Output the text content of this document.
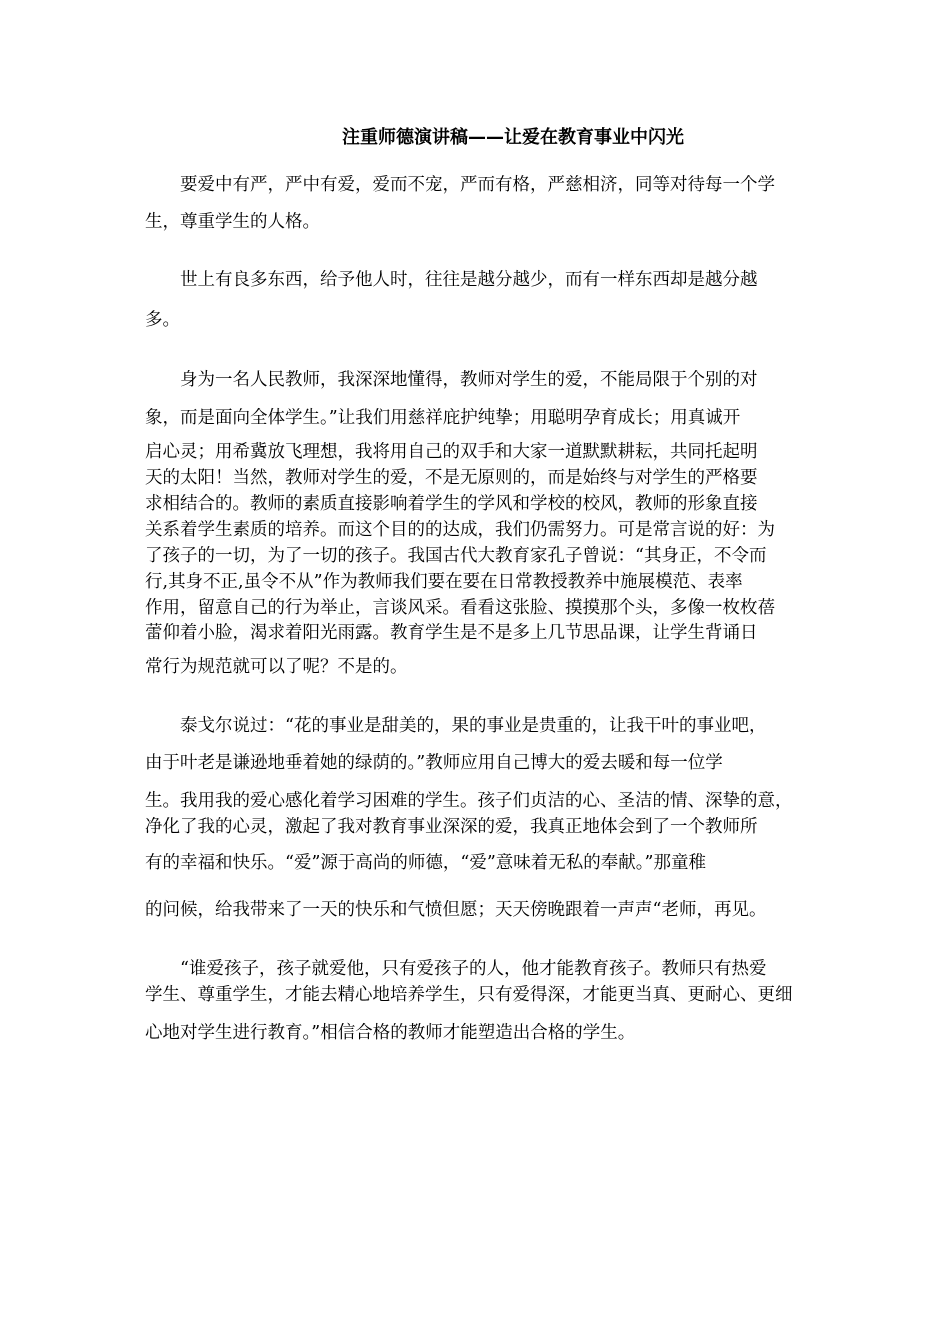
注重师德演讲稿——让爱在教育事业中闪光

　　要爱中有严，严中有爱，爱而不宠，严而有格，严慈相济，同等对待每一个学

生，尊重学生的人格。

　　世上有良多东西，给予他人时，往往是越分越少，而有一样东西却是越分越

多。

　　身为一名人民教师，我深深地懂得，教师对学生的爱，不能局限于个别的对

象，而是面向全体学生。”让我们用慈祥庇护纯挚；用聪明孕育成长；用真诚开

启心灵；用希冀放飞理想，我将用自己的双手和大家一道默默耕耘，共同托起明

天的太阳！当然，教师对学生的爱，不是无原则的，而是始终与对学生的严格要

求相结合的。教师的素质直接影响着学生的学风和学校的校风，教师的形象直接

关系着学生素质的培养。而这个目的的达成，我们仍需努力。可是常言说的好：为

了孩子的一切，为了一切的孩子。我国古代大教育家孔子曾说：“其身正，不令而

行,其身不正,虽令不从”作为教师我们要在要在日常教授教养中施展模范、表率

作用，留意自己的行为举止，言谈风采。看看这张脸、摸摸那个头，多像一枚枚蓓

蕾仰着小脸，渴求着阳光雨露。教育学生是不是多上几节思品课，让学生背诵日

常行为规范就可以了呢？不是的。

　　泰戈尔说过：“花的事业是甜美的，果的事业是贵重的，让我干叶的事业吧，

由于叶老是谦逊地垂着她的绿荫的。”教师应用自己博大的爱去暖和每一位学

生。我用我的爱心感化着学习困难的学生。孩子们贞洁的心、圣洁的情、深挚的意，

净化了我的心灵，激起了我对教育事业深深的爱，我真正地体会到了一个教师所

有的幸福和快乐。“爱”源于高尚的师德，“爱”意味着无私的奉献。”那童稚

的问候，给我带来了一天的快乐和气愤但愿；天天傍晚跟着一声声“老师，再见。

　　“谁爱孩子，孩子就爱他，只有爱孩子的人，他才能教育孩子。教师只有热爱

学生、尊重学生，才能去精心地培养学生，只有爱得深，才能更当真、更耐心、更细

心地对学生进行教育。”相信合格的教师才能塑造出合格的学生。
